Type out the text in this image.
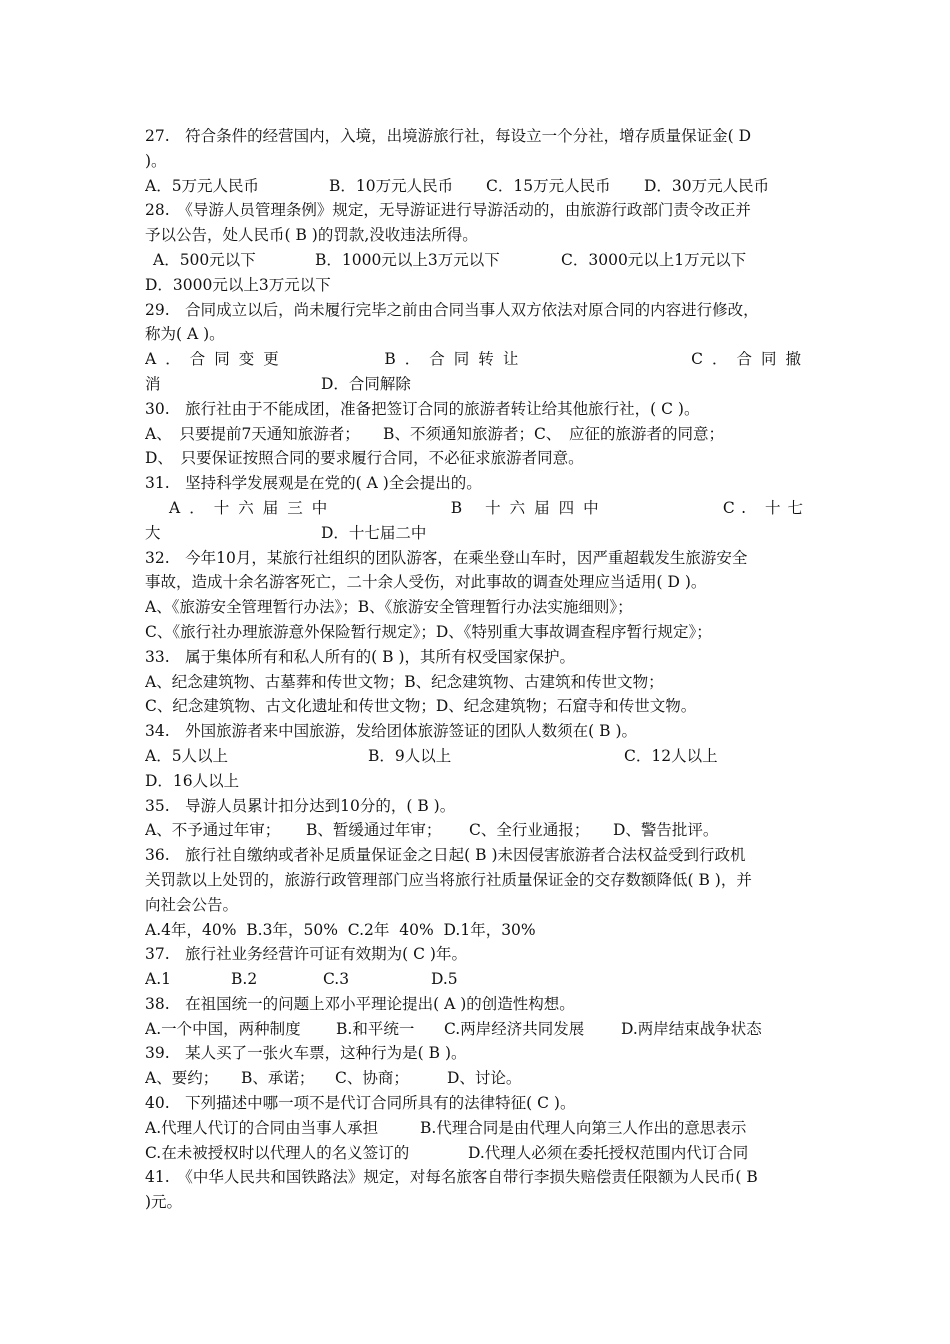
27.　符合条件的经营国内，入境，出境游旅行社，每设立一个分社，增存质量保证金( D
)。
A．5万元人民币	B．10万元人民币	C．15万元人民币	D．30万元人民币
28.　《导游人员管理条例》规定，无导游证进行导游活动的，由旅游行政部门责令改正并
予以公告，处人民币( B )的罚款,没收违法所得。
A．500元以下	B．1000元以上3万元以下	C．3000元以上1万元以下
D．3000元以上3万元以下
29.　合同成立以后，尚未履行完毕之前由合同当事人双方依法对原合同的内容进行修改，
称为( A )。
A．合同变更	B．合同转让	C．合同撤
消	D．合同解除
30.　旅行社由于不能成团，准备把签订合同的旅游者转让给其他旅行社，( C )。
A、　只要提前7天通知旅游者；　　B、不须通知旅游者；C、　应征的旅游者的同意；
D、　只要保证按照合同的要求履行合同，不必征求旅游者同意。
31.　坚持科学发展观是在党的( A )全会提出的。
A．十六届三中	B 十六届四中	C. 十七
大	D．十七届二中
32.　今年10月，某旅行社组织的团队游客，在乘坐登山车时，因严重超载发生旅游安全
事故，造成十余名游客死亡，二十余人受伤，对此事故的调查处理应当适用( D )。
A、《旅游安全管理暂行办法》；B、《旅游安全管理暂行办法实施细则》；
C、《旅行社办理旅游意外保险暂行规定》；D、《特别重大事故调查程序暂行规定》；
33.　属于集体所有和私人所有的( B )，其所有权受国家保护。
A、纪念建筑物、古墓葬和传世文物；B、纪念建筑物、古建筑和传世文物；
C、纪念建筑物、古文化遗址和传世文物；D、纪念建筑物；石窟寺和传世文物。
34.　外国旅游者来中国旅游，发给团体旅游签证的团队人数须在( B )。
A．5人以上	B．9人以上	C．12人以上
D．16人以上
35.　导游人员累计扣分达到10分的，( B )。
A、不予通过年审；	B、暂缓通过年审；	C、全行业通报；	D、警告批评。
36.　旅行社自缴纳或者补足质量保证金之日起( B )未因侵害旅游者合法权益受到行政机
关罚款以上处罚的，旅游行政管理部门应当将旅行社质量保证金的交存数额降低( B )，并
向社会公告。
A.4年，40%  B.3年，50%  C.2年  40%  D.1年，30%
37.　旅行社业务经营许可证有效期为( C )年。
A.1	B.2	C.3	D.5
38.　在祖国统一的问题上邓小平理论提出( A )的创造性构想。
A.一个中国，两种制度	B.和平统一	C.两岸经济共同发展	D.两岸结束战争状态
39.　某人买了一张火车票，这种行为是( B )。
A、要约；	B、承诺；	C、协商；	D、讨论。
40.　下列描述中哪一项不是代订合同所具有的法律特征( C )。
A.代理人代订的合同由当事人承担	B.代理合同是由代理人向第三人作出的意思表示
C.在未被授权时以代理人的名义签订的	D.代理人必须在委托授权范围内代订合同
41.　《中华人民共和国铁路法》规定，对每名旅客自带行李损失赔偿责任限额为人民币( B
)元。
